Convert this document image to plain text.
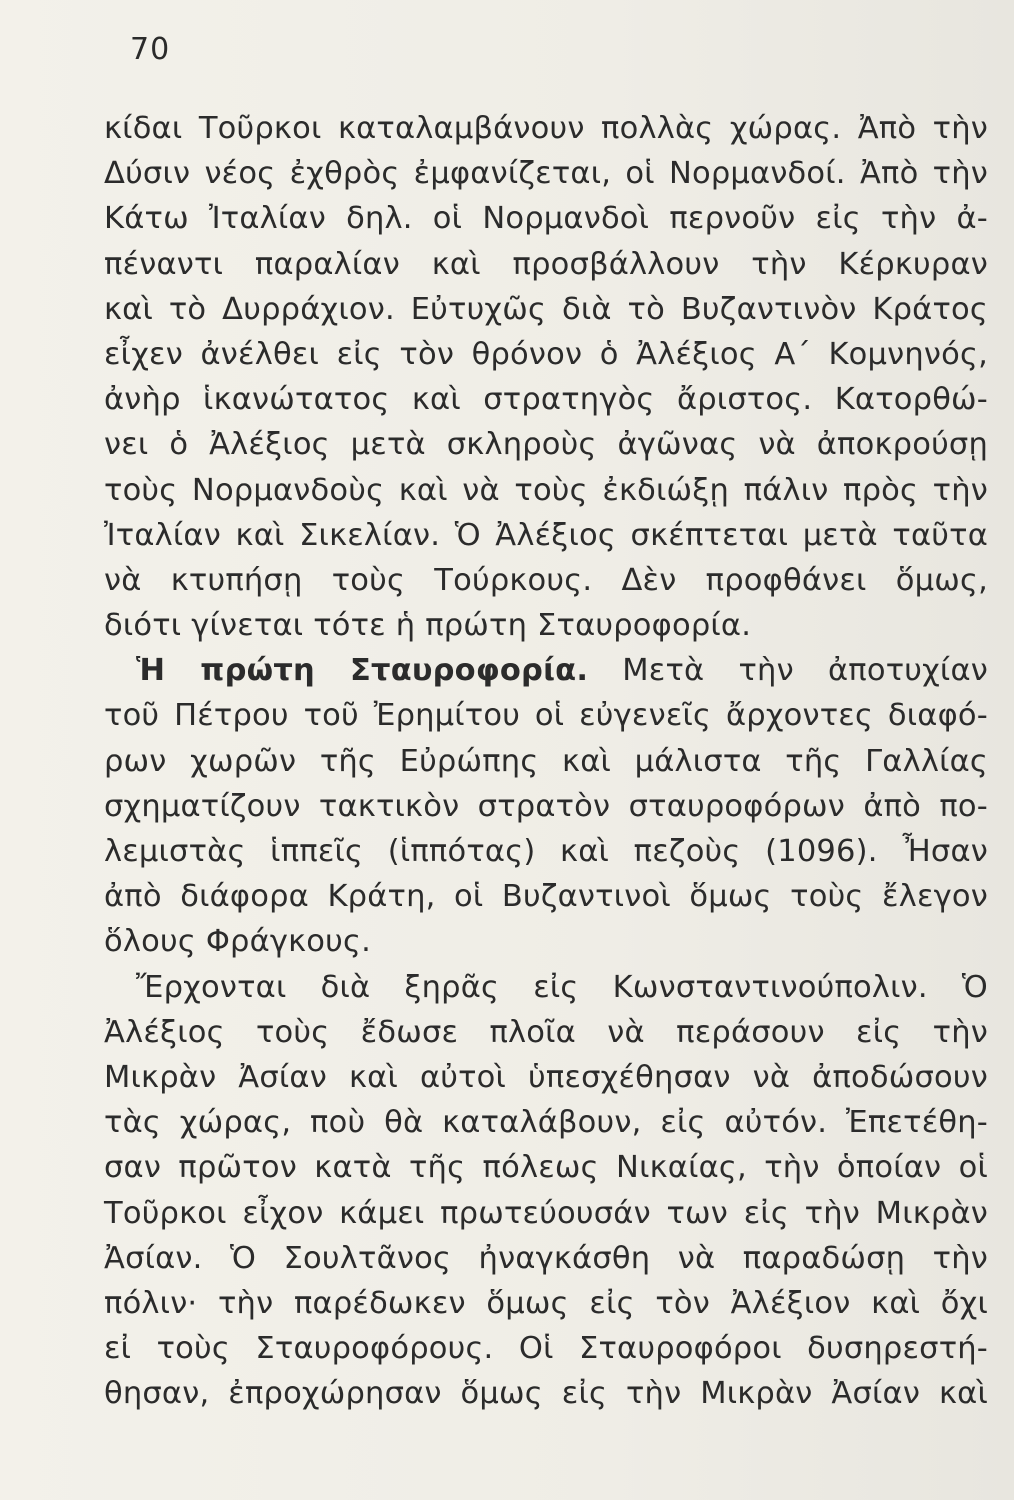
70
κίδαι Τοῦρκοι καταλαμβάνουν πολλὰς χώρας. Ἀπὸ τὴν
Δύσιν νέος ἐχθρὸς ἐμφανίζεται, οἱ Νορμανδοί. Ἀπὸ τὴν
Κάτω Ἰταλίαν δηλ. οἱ Νορμανδοὶ περνοῦν εἰς τὴν ἀ-
πέναντι παραλίαν καὶ προσβάλλουν τὴν Κέρκυραν
καὶ τὸ Δυρράχιον. Εὐτυχῶς διὰ τὸ Βυζαντινὸν Κράτος
εἶχεν ἀνέλθει εἰς τὸν θρόνον ὁ Ἀλέξιος Α΄ Κομνηνός,
ἀνὴρ ἱκανώτατος καὶ στρατηγὸς ἄριστος. Κατορθώ-
νει ὁ Ἀλέξιος μετὰ σκληροὺς ἀγῶνας νὰ ἀποκρούσῃ
τοὺς Νορμανδοὺς καὶ νὰ τοὺς ἐκδιώξῃ πάλιν πρὸς τὴν
Ἰταλίαν καὶ Σικελίαν. Ὁ Ἀλέξιος σκέπτεται μετὰ ταῦτα
νὰ κτυπήσῃ τοὺς Τούρκους. Δὲν προφθάνει ὅμως,
διότι γίνεται τότε ἡ πρώτη Σταυροφορία.
Ἡ πρώτη Σταυροφορία. Μετὰ τὴν ἀποτυχίαν
τοῦ Πέτρου τοῦ Ἐρημίτου οἱ εὐγενεῖς ἄρχοντες διαφό-
ρων χωρῶν τῆς Εὐρώπης καὶ μάλιστα τῆς Γαλλίας
σχηματίζουν τακτικὸν στρατὸν σταυροφόρων ἀπὸ πο-
λεμιστὰς ἱππεῖς (ἱππότας) καὶ πεζοὺς (1096). Ἦσαν
ἀπὸ διάφορα Κράτη, οἱ Βυζαντινοὶ ὅμως τοὺς ἔλεγον
ὅλους Φράγκους.
Ἔρχονται διὰ ξηρᾶς εἰς Κωνσταντινούπολιν. Ὁ
Ἀλέξιος τοὺς ἔδωσε πλοῖα νὰ περάσουν εἰς τὴν
Μικρὰν Ἀσίαν καὶ αὐτοὶ ὑπεσχέθησαν νὰ ἀποδώσουν
τὰς χώρας, ποὺ θὰ καταλάβουν, εἰς αὐτόν. Ἐπετέθη-
σαν πρῶτον κατὰ τῆς πόλεως Νικαίας, τὴν ὁποίαν οἱ
Τοῦρκοι εἶχον κάμει πρωτεύουσάν των εἰς τὴν Μικρὰν
Ἀσίαν. Ὁ Σουλτᾶνος ἠναγκάσθη νὰ παραδώσῃ τὴν
πόλιν· τὴν παρέδωκεν ὅμως εἰς τὸν Ἀλέξιον καὶ ὄχι
εἰ τοὺς Σταυροφόρους. Οἱ Σταυροφόροι δυσηρεστή-
θησαν, ἐπροχώρησαν ὅμως εἰς τὴν Μικρὰν Ἀσίαν καὶ
